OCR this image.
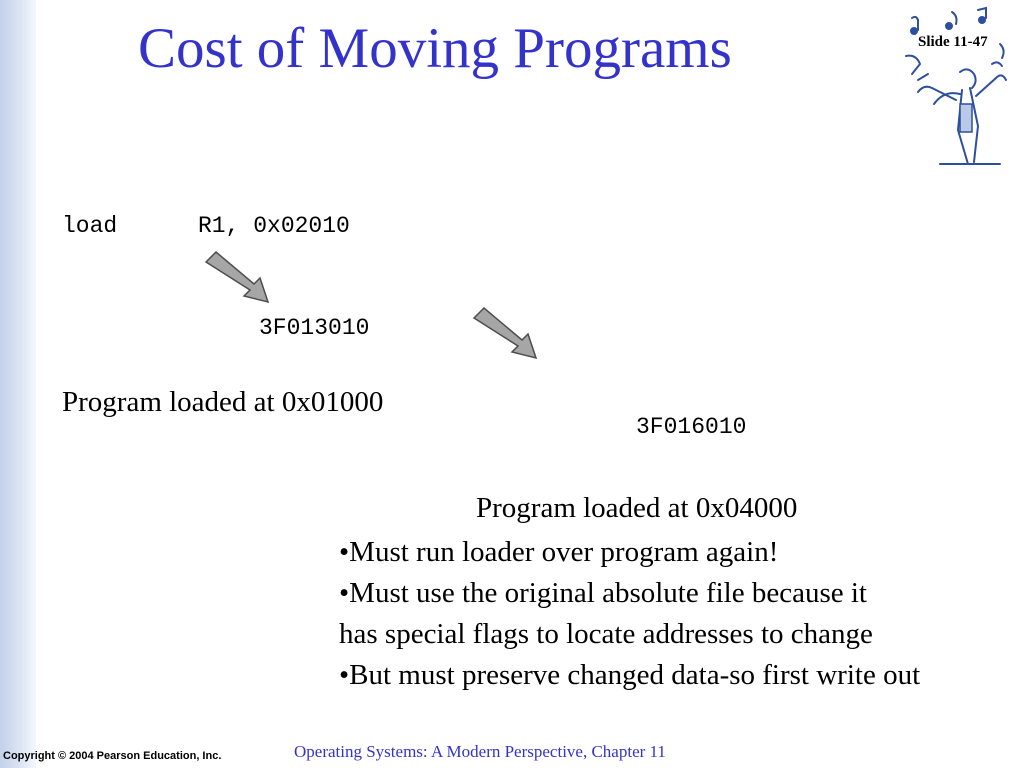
Cost of Moving Programs	Slide 11-47
load	R1, 0x02010
3F013010
Program loaded at 0x01000
3F016010
Program loaded at 0x04000
•Must run loader over program again!
•Must use the original absolute file because it
has special flags to locate addresses to change
•But must preserve changed data-so first write out
Copyright © 2004 Pearson Education, Inc.	Operating Systems: A Modern Perspective, Chapter 11
